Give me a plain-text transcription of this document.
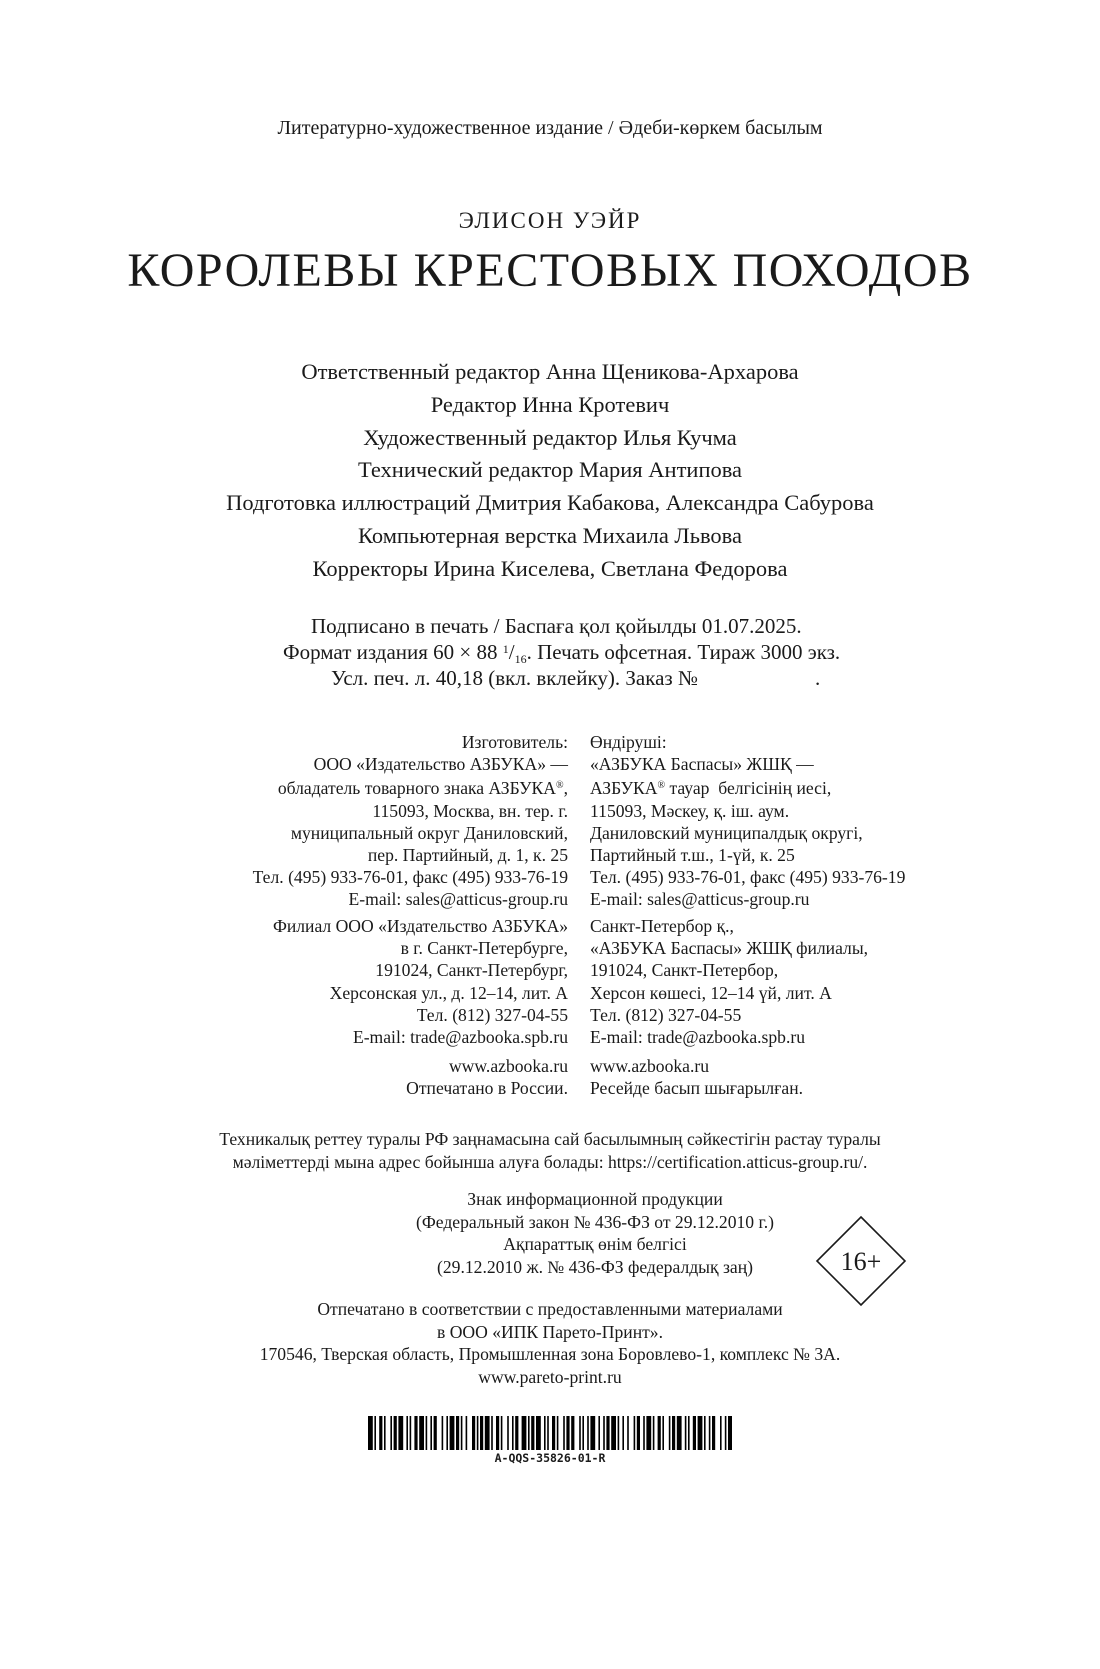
Литературно-художественное издание / Әдеби-көркем басылым
ЭЛИСОН УЭЙР
КОРОЛЕВЫ КРЕСТОВЫХ ПОХОДОВ
Ответственный редактор Анна Щеникова-Архарова
Редактор Инна Кротевич
Художественный редактор Илья Кучма
Технический редактор Мария Антипова
Подготовка иллюстраций Дмитрия Кабакова, Александра Сабурова
Компьютерная верстка Михаила Львова
Корректоры Ирина Киселева, Светлана Федорова
Подписано в печать / Баспаға қол қойылды 01.07.2025.
Формат издания 60 × 88 $^1/_{16}$. Печать офсетная. Тираж 3000 экз.
Усл. печ. л. 40,18 (вкл. вклейку). Заказ №	.
Изготовитель:
ООО «Издательство АЗБУКА» —
обладатель товарного знака АЗБУКА®,
115093, Москва, вн. тер. г.
муниципальный округ Даниловский,
пер. Партийный, д. 1, к. 25
Тел. (495) 933-76-01, факс (495) 933-76-19
E-mail: sales@atticus-group.ru
Өндіруші:
«АЗБУКА Баспасы» ЖШҚ —
АЗБУКА® тауар  белгісінің иесі,
115093, Мәскеу, қ. іш. аум.
Даниловский муниципалдық округі,
Партийный т.ш., 1-үй, к. 25
Тел. (495) 933-76-01, факс (495) 933-76-19
E-mail: sales@atticus-group.ru
Филиал ООО «Издательство АЗБУКА»
в г. Санкт-Петербурге,
191024, Санкт-Петербург,
Херсонская ул., д. 12–14, лит. А
Тел. (812) 327-04-55
E-mail: trade@azbooka.spb.ru
Санкт-Петербор қ.,
«АЗБУКА Баспасы» ЖШҚ филиалы,
191024, Санкт-Петербор,
Херсон көшесі, 12–14 үй, лит. А
Тел. (812) 327-04-55
E-mail: trade@azbooka.spb.ru
www.azbooka.ru
Отпечатано в России.
www.azbooka.ru
Ресейде басып шығарылған.
Техникалық реттеу туралы РФ заңнамасына сай басылымның сәйкестігін растау туралы
мәліметтерді мына адрес бойынша алуға болады: https://certification.atticus-group.ru/.
Знак информационной продукции
(Федеральный закон № 436-ФЗ от 29.12.2010 г.)
Ақпараттық өнім белгісі
(29.12.2010 ж. № 436-ФЗ федералдық заң)	16+
Отпечатано в соответствии с предоставленными материалами
в ООО «ИПК Парето-Принт».
170546, Тверская область, Промышленная зона Боровлево-1, комплекс № 3А.
www.pareto-print.ru
A-QQS-35826-01-R
